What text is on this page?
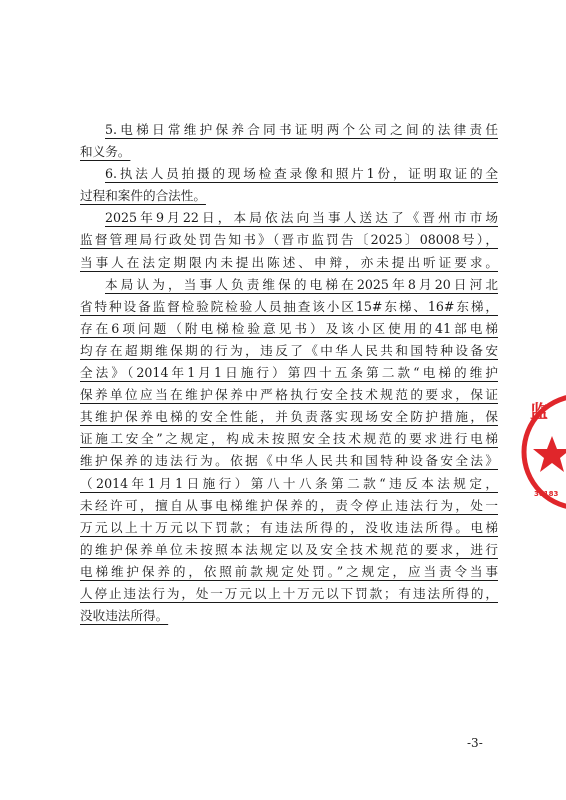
5.电梯日常维护保养合同书证明两个公司之间的法律责任
和义务。
6.执法人员拍摄的现场检查录像和照片1份，证明取证的全
过程和案件的合法性。
2025年9月22日，本局依法向当事人送达了《晋州市市场
监督管理局行政处罚告知书》（晋市监罚告〔2025〕08008号），
当事人在法定期限内未提出陈述、申辩，亦未提出听证要求。
本局认为，当事人负责维保的电梯在2025年8月20日河北
省特种设备监督检验院检验人员抽查该小区15#东梯、16#东梯，
存在6项问题（附电梯检验意见书）及该小区使用的41部电梯
均存在超期维保期的行为，违反了《中华人民共和国特种设备安
全法》（2014年1月1日施行）第四十五条第二款“电梯的维护
保养单位应当在维护保养中严格执行安全技术规范的要求，保证
其维护保养电梯的安全性能，并负责落实现场安全防护措施，保
证施工安全”之规定，构成未按照安全技术规范的要求进行电梯
维护保养的违法行为。依据《中华人民共和国特种设备安全法》
（2014年1月1日施行）第八十八条第二款“违反本法规定，
未经许可，擅自从事电梯维护保养的，责令停止违法行为，处一
万元以上十万元以下罚款；有违法所得的，没收违法所得。电梯
的维护保养单位未按照本法规定以及安全技术规范的要求，进行
电梯维护保养的，依照前款规定处罚。”之规定，应当责令当事
人停止违法行为，处一万元以上十万元以下罚款；有违法所得的，
没收违法所得。
-3-
监
30183
